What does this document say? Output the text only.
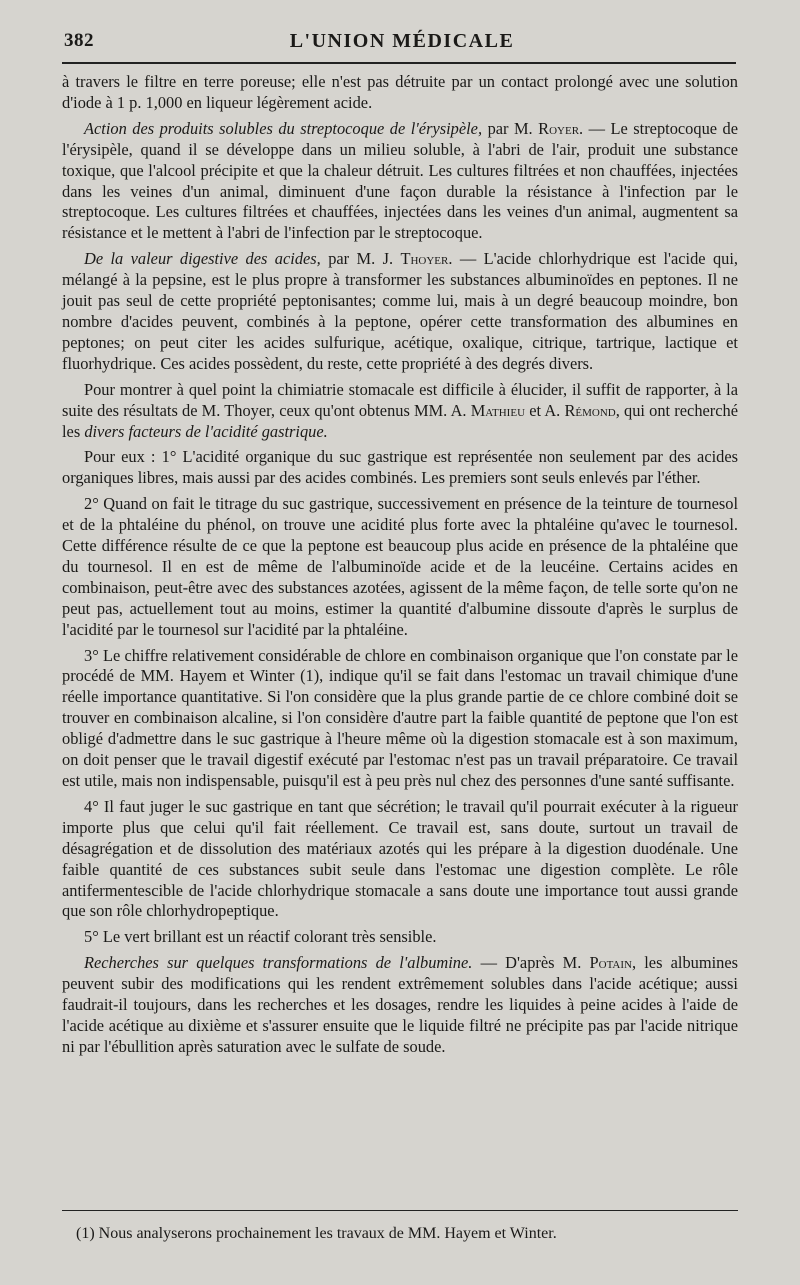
382	L'UNION MÉDICALE

à travers le filtre en terre poreuse; elle n'est pas détruite par un contact prolongé avec une solution d'iode à 1 p. 1,000 en liqueur légèrement acide.

Action des produits solubles du streptocoque de l'érysipèle, par M. Royer. — Le streptocoque de l'érysipèle, quand il se développe dans un milieu soluble, à l'abri de l'air, produit une substance toxique, que l'alcool précipite et que la chaleur détruit. Les cultures filtrées et non chauffées, injectées dans les veines d'un animal, diminuent d'une façon durable la résistance à l'infection par le streptocoque. Les cultures filtrées et chauffées, injectées dans les veines d'un animal, augmentent sa résistance et le mettent à l'abri de l'infection par le streptocoque.

De la valeur digestive des acides, par M. J. Thoyer. — L'acide chlorhydrique est l'acide qui, mélangé à la pepsine, est le plus propre à transformer les substances albuminoïdes en peptones. Il ne jouit pas seul de cette propriété peptonisantes; comme lui, mais à un degré beaucoup moindre, bon nombre d'acides peuvent, combinés à la peptone, opérer cette transformation des albumines en peptones; on peut citer les acides sulfurique, acétique, oxalique, citrique, tartrique, lactique et fluorhydrique. Ces acides possèdent, du reste, cette propriété à des degrés divers.

Pour montrer à quel point la chimiatrie stomacale est difficile à élucider, il suffit de rapporter, à la suite des résultats de M. Thoyer, ceux qu'ont obtenus MM. A. Mathieu et A. Rémond, qui ont recherché les divers facteurs de l'acidité gastrique.

Pour eux : 1° L'acidité organique du suc gastrique est représentée non seulement par des acides organiques libres, mais aussi par des acides combinés. Les premiers sont seuls enlevés par l'éther.

2° Quand on fait le titrage du suc gastrique, successivement en présence de la teinture de tournesol et de la phtaléine du phénol, on trouve une acidité plus forte avec la phtaléine qu'avec le tournesol. Cette différence résulte de ce que la peptone est beaucoup plus acide en présence de la phtaléine que du tournesol. Il en est de même de l'albuminoïde acide et de la leucéine. Certains acides en combinaison, peut-être avec des substances azotées, agissent de la même façon, de telle sorte qu'on ne peut pas, actuellement tout au moins, estimer la quantité d'albumine dissoute d'après le surplus de l'acidité par le tournesol sur l'acidité par la phtaléine.

3° Le chiffre relativement considérable de chlore en combinaison organique que l'on constate par le procédé de MM. Hayem et Winter (1), indique qu'il se fait dans l'estomac un travail chimique d'une réelle importance quantitative. Si l'on considère que la plus grande partie de ce chlore combiné doit se trouver en combinaison alcaline, si l'on considère d'autre part la faible quantité de peptone que l'on est obligé d'admettre dans le suc gastrique à l'heure même où la digestion stomacale est à son maximum, on doit penser que le travail digestif exécuté par l'estomac n'est pas un travail préparatoire. Ce travail est utile, mais non indispensable, puisqu'il est à peu près nul chez des personnes d'une santé suffisante.

4° Il faut juger le suc gastrique en tant que sécrétion; le travail qu'il pourrait exécuter à la rigueur importe plus que celui qu'il fait réellement. Ce travail est, sans doute, surtout un travail de désagrégation et de dissolution des matériaux azotés qui les prépare à la digestion duodénale. Une faible quantité de ces substances subit seule dans l'estomac une digestion complète. Le rôle antifermentescible de l'acide chlorhydrique stomacale a sans doute une importance tout aussi grande que son rôle chlorhydropeptique.

5° Le vert brillant est un réactif colorant très sensible.

Recherches sur quelques transformations de l'albumine. — D'après M. Potain, les albumines peuvent subir des modifications qui les rendent extrêmement solubles dans l'acide acétique; aussi faudrait-il toujours, dans les recherches et les dosages, rendre les liquides à peine acides à l'aide de l'acide acétique au dixième et s'assurer ensuite que le liquide filtré ne précipite pas par l'acide nitrique ni par l'ébullition après saturation avec le sulfate de soude.

(1) Nous analyserons prochainement les travaux de MM. Hayem et Winter.
